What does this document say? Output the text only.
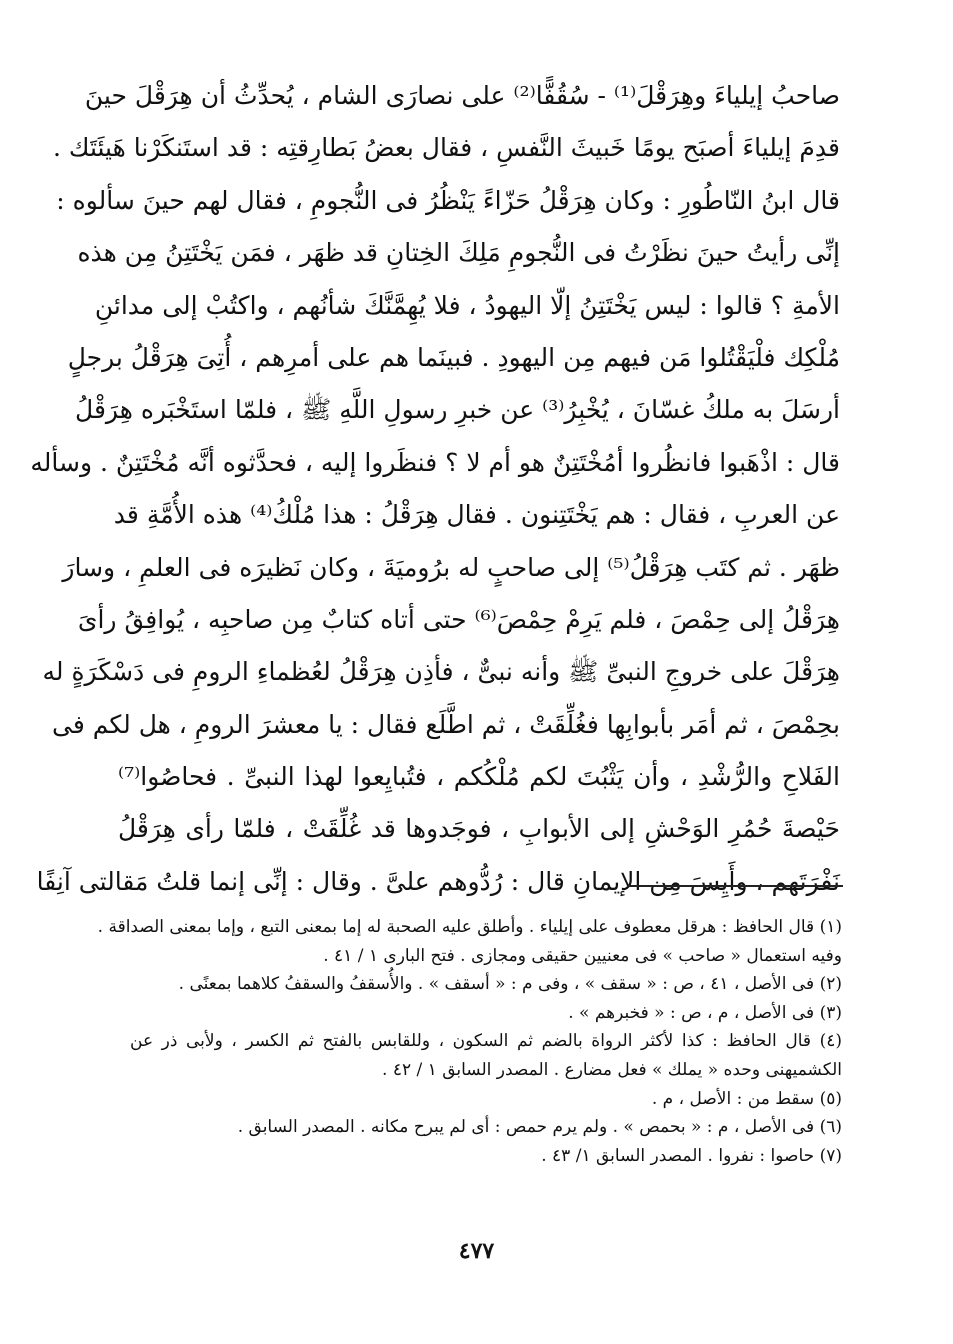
صاحبُ إيلياءَ وهِرَقْلَ⁽¹⁾ - سُقُفًّا⁽²⁾ على نصارَى الشام ، يُحدِّثُ أن هِرَقْلَ حينَ
قدِمَ إيلياءَ أصبَح يومًا خَبيثَ النَّفسِ ، فقال بعضُ بَطارِقتِه : قد استَنكَرْنا هَيئَتَك .
قال ابنُ النّاطُورِ : وكان هِرَقْلُ حَزّاءً يَنْظُرُ فى النُّجومِ ، فقال لهم حينَ سألوه :
إنِّى رأيتُ حينَ نظَرْتُ فى النُّجومِ مَلِكَ الخِتانِ قد ظهَر ، فمَن يَخْتَتِنُ مِن هذه
الأمةِ ؟ قالوا : ليس يَخْتَتِنُ إلّا اليهودُ ، فلا يُهِمَّنَّكَ شأنُهم ، واكتُبْ إلى مدائنِ
مُلْكِك فلْيَقْتُلوا مَن فيهم مِن اليهودِ . فبينَما هم على أمرِهم ، أُتِىَ هِرَقْلُ برجلٍ
أرسَلَ به ملكُ غسّانَ ، يُخْبِرُ⁽³⁾ عن خبرِ رسولِ اللَّهِ ﷺ ، فلمّا استَخْبَره هِرَقْلُ
قال : اذْهَبوا فانظُروا أمُخْتَتِنٌ هو أم لا ؟ فنظَروا إليه ، فحدَّثوه أنَّه مُخْتَتِنٌ . وسأله
عن العربِ ، فقال : هم يَخْتَتِنون . فقال هِرَقْلُ : هذا مُلْكُ⁽⁴⁾ هذه الأُمَّةِ قد
ظهَر . ثم كتَب هِرَقْلُ⁽⁵⁾ إلى صاحبٍ له برُوميَةَ ، وكان نَظيرَه فى العلمِ ، وسارَ
هِرَقْلُ إلى حِمْصَ ، فلم يَرِمْ حِمْصَ⁽⁶⁾ حتى أتاه كتابٌ مِن صاحبِه ، يُوافِقُ رأىَ
هِرَقْلَ على خروجِ النبىِّ ﷺ وأنه نبىٌّ ، فأذِن هِرَقْلُ لعُظماءِ الرومِ فى دَسْكَرَةٍ له
بحِمْصَ ، ثم أمَر بأبوابِها فغُلِّقَتْ ، ثم اطَّلَع فقال : يا معشرَ الرومِ ، هل لكم فى
الفَلاحِ والرُّشْدِ ، وأن يَثْبُتَ لكم مُلْكُكم ، فتُبايِعوا لهذا النبىِّ . فحاصُوا⁽⁷⁾
حَيْصةَ حُمُرِ الوَحْشِ إلى الأبوابِ ، فوجَدوها قد غُلِّقَتْ ، فلمّا رأى هِرَقْلُ
نَفْرَتَهم ، وأَيِسَ مِن الإيمانِ قال : رُدُّوهم علىَّ . وقال : إنِّى إنما قلتُ مَقالتى آنِفًا
(١) قال الحافظ : هرقل معطوف على إيلياء . وأطلق عليه الصحبة له إما بمعنى التبع ، وإما بمعنى الصداقة .
وفيه استعمال « صاحب » فى معنيين حقيقى ومجازى . فتح البارى ١ / ٤١ .
(٢) فى الأصل ، ٤١ ، ص : « سقف » ، وفى م : « أسقف » . والأُسقفُ والسقفُ كلاهما بمعنًى .
(٣) فى الأصل ، م ، ص : « فخبرهم » .
(٤) قال الحافظ : كذا لأكثر الرواة بالضم ثم السكون ، وللقابس بالفتح ثم الكسر ، ولأبى ذر عن
الكشميهنى وحده « يملك » فعل مضارع . المصدر السابق ١ / ٤٢ .
(٥) سقط من : الأصل ، م .
(٦) فى الأصل ، م : « بحمص » . ولم يرم حمص : أى لم يبرح مكانه . المصدر السابق .
(٧) حاصوا : نفروا . المصدر السابق ١/ ٤٣ .
٤٧٧
